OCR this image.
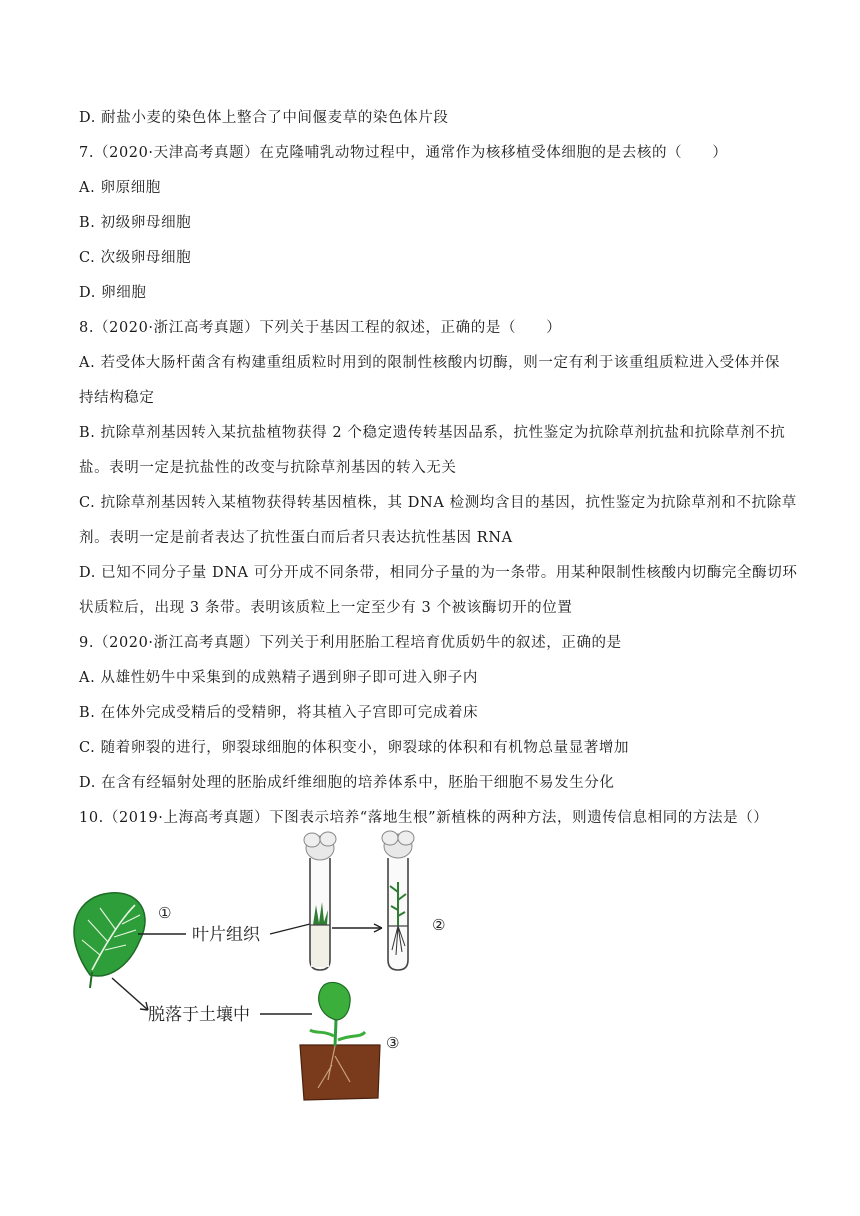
D. 耐盐小麦的染色体上整合了中间偃麦草的染色体片段
7.（2020·天津高考真题）在克隆哺乳动物过程中，通常作为核移植受体细胞的是去核的（　　）
A. 卵原细胞
B. 初级卵母细胞
C. 次级卵母细胞
D. 卵细胞
8.（2020·浙江高考真题）下列关于基因工程的叙述，正确的是（　　）
A. 若受体大肠杆菌含有构建重组质粒时用到的限制性核酸内切酶，则一定有利于该重组质粒进入受体并保
持结构稳定
B. 抗除草剂基因转入某抗盐植物获得 2 个稳定遗传转基因品系，抗性鉴定为抗除草剂抗盐和抗除草剂不抗
盐。表明一定是抗盐性的改变与抗除草剂基因的转入无关
C. 抗除草剂基因转入某植物获得转基因植株，其 DNA 检测均含目的基因，抗性鉴定为抗除草剂和不抗除草
剂。表明一定是前者表达了抗性蛋白而后者只表达抗性基因 RNA
D. 已知不同分子量 DNA 可分开成不同条带，相同分子量的为一条带。用某种限制性核酸内切酶完全酶切环
状质粒后，出现 3 条带。表明该质粒上一定至少有 3 个被该酶切开的位置
9.（2020·浙江高考真题）下列关于利用胚胎工程培育优质奶牛的叙述，正确的是
A. 从雄性奶牛中采集到的成熟精子遇到卵子即可进入卵子内
B. 在体外完成受精后的受精卵，将其植入子宫即可完成着床
C. 随着卵裂的进行，卵裂球细胞的体积变小，卵裂球的体积和有机物总量显著增加
D. 在含有经辐射处理的胚胎成纤维细胞的培养体系中，胚胎干细胞不易发生分化
10.（2019·上海高考真题）下图表示培养“落地生根”新植株的两种方法，则遗传信息相同的方法是（）
①
叶片组织	②
脱落于土壤中
③
